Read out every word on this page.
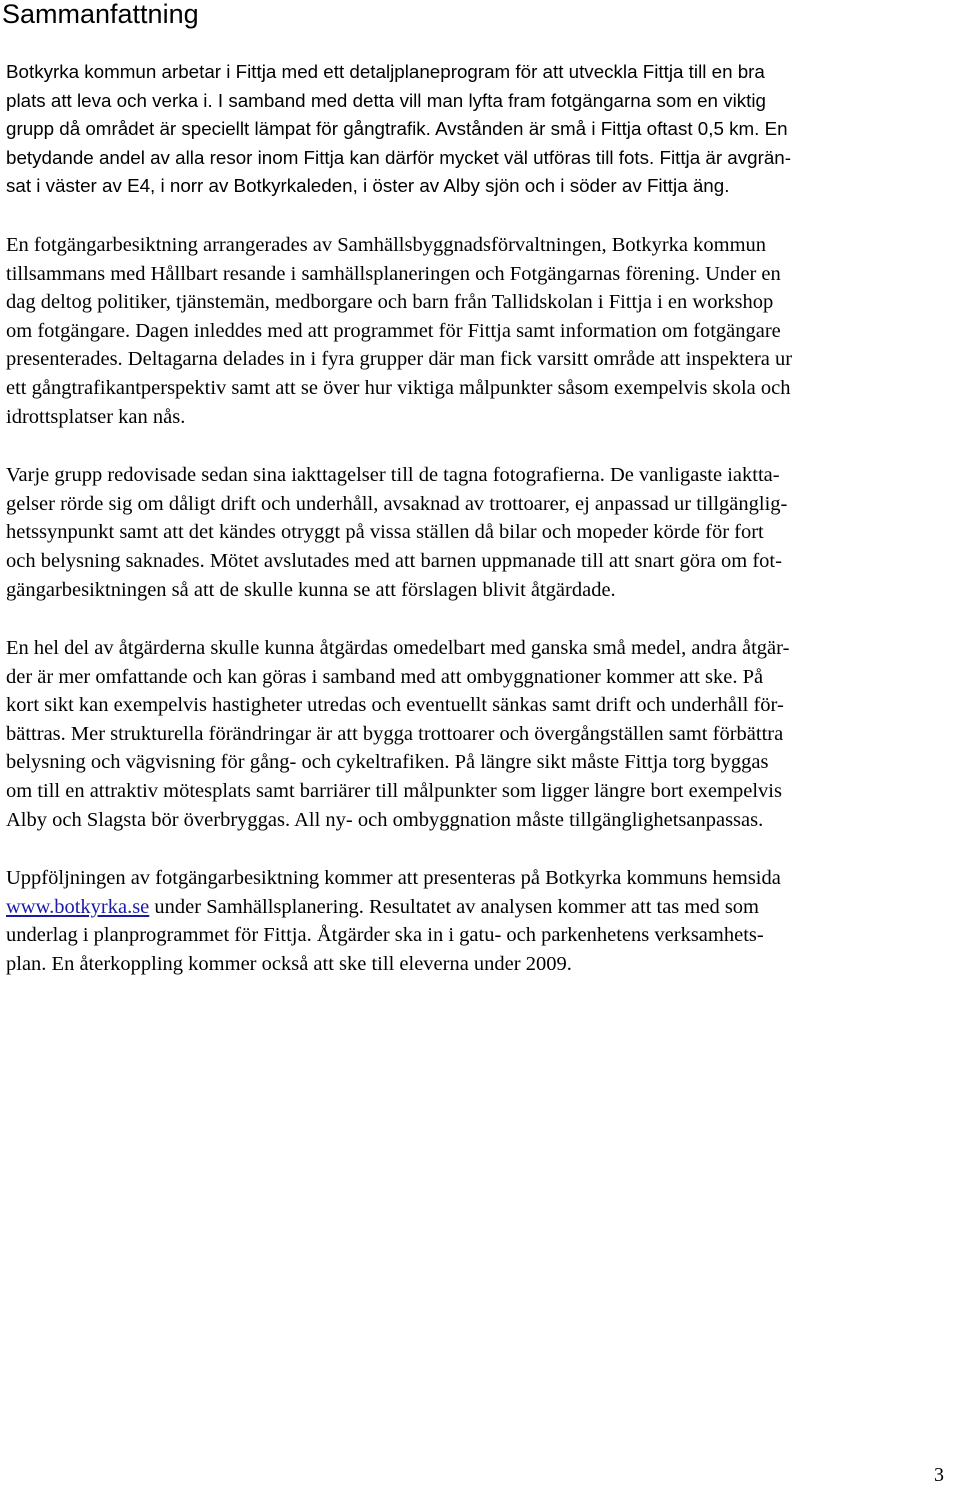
Sammanfattning

Botkyrka kommun arbetar i Fittja med ett detaljplaneprogram för att utveckla Fittja till en bra
plats att leva och verka i. I samband med detta vill man lyfta fram fotgängarna som en viktig
grupp då området är speciellt lämpat för gångtrafik. Avstånden är små i Fittja oftast 0,5 km. En
betydande andel av alla resor inom Fittja kan därför mycket väl utföras till fots. Fittja är avgrän-
sat i väster av E4, i norr av Botkyrkaleden, i öster av Alby sjön och i söder av Fittja äng.

En fotgängarbesiktning arrangerades av Samhällsbyggnadsförvaltningen, Botkyrka kommun
tillsammans med Hållbart resande i samhällsplaneringen och Fotgängarnas förening. Under en
dag deltog politiker, tjänstemän, medborgare och barn från Tallidskolan i Fittja i en workshop
om fotgängare. Dagen inleddes med att programmet för Fittja samt information om fotgängare
presenterades. Deltagarna delades in i fyra grupper där man fick varsitt område att inspektera ur
ett gångtrafikantperspektiv samt att se över hur viktiga målpunkter såsom exempelvis skola och
idrottsplatser kan nås.

Varje grupp redovisade sedan sina iakttagelser till de tagna fotografierna. De vanligaste iaktta-
gelser rörde sig om dåligt drift och underhåll, avsaknad av trottoarer, ej anpassad ur tillgänglig-
hetssynpunkt samt att det kändes otryggt på vissa ställen då bilar och mopeder körde för fort
och belysning saknades. Mötet avslutades med att barnen uppmanade till att snart göra om fot-
gängarbesiktningen så att de skulle kunna se att förslagen blivit åtgärdade.

En hel del av åtgärderna skulle kunna åtgärdas omedelbart med ganska små medel, andra åtgär-
der är mer omfattande och kan göras i samband med att ombyggnationer kommer att ske. På
kort sikt kan exempelvis hastigheter utredas och eventuellt sänkas samt drift och underhåll för-
bättras. Mer strukturella förändringar är att bygga trottoarer och övergångställen samt förbättra
belysning och vägvisning för gång- och cykeltrafiken. På längre sikt måste Fittja torg byggas
om till en attraktiv mötesplats samt barriärer till målpunkter som ligger längre bort exempelvis
Alby och Slagsta bör överbryggas. All ny- och ombyggnation måste tillgänglighetsanpassas.

Uppföljningen av fotgängarbesiktning kommer att presenteras på Botkyrka kommuns hemsida
www.botkyrka.se under Samhällsplanering. Resultatet av analysen kommer att tas med som
underlag i planprogrammet för Fittja. Åtgärder ska in i gatu- och parkenhetens verksamhets-
plan. En återkoppling kommer också att ske till eleverna under 2009.

3
